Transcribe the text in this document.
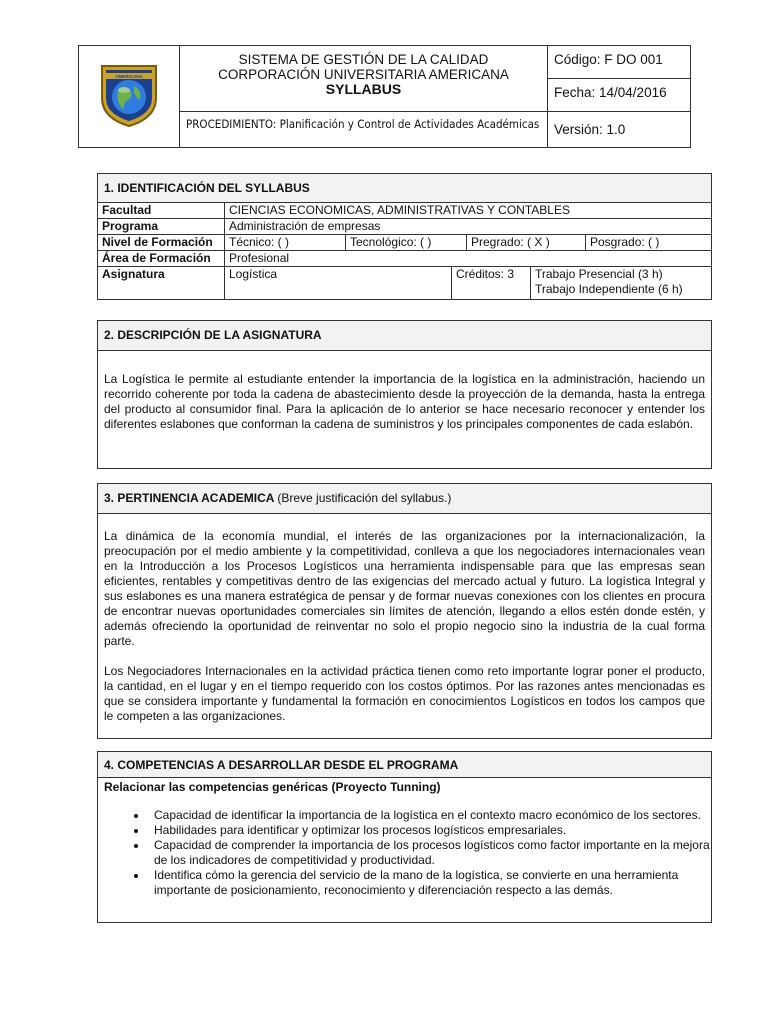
AMERICANA	SISTEMA DE GESTIÓN DE LA CALIDAD
CORPORACIÓN UNIVERSITARIA AMERICANA
SYLLABUS	Código: F DO 001
		Fecha: 14/04/2016
	PROCEDIMIENTO: Planificación y Control de Actividades Académicas	Versión: 1.0
1. IDENTIFICACIÓN DEL SYLLABUS
Facultad	CIENCIAS ECONOMICAS, ADMINISTRATIVAS Y CONTABLES
Programa	Administración de empresas
Nivel de Formación	Técnico: ( )	Tecnológico: ( )	Pregrado: ( X )	Posgrado: ( )
Área de Formación	Profesional
Asignatura		Logística	Créditos: 3	Trabajo Presencial (3 h)
Trabajo Independiente (6 h)
2. DESCRIPCIÓN DE LA ASIGNATURA

La Logística le permite al estudiante entender la importancia de la logística en la administración, haciendo un recorrido coherente por toda la cadena de abastecimiento desde la proyección de la demanda, hasta la entrega del producto al consumidor final. Para la aplicación de lo anterior se hace necesario reconocer y entender los diferentes eslabones que conforman la cadena de suministros y los principales componentes de cada eslabón.

3. PERTINENCIA ACADEMICA (Breve justificación del syllabus.)

La dinámica de la economía mundial, el interés de las organizaciones por la internacionalización, la preocupación por el medio ambiente y la competitividad, conlleva a que los negociadores internacionales vean en la Introducción a los Procesos Logísticos una herramienta indispensable para que las empresas sean eficientes, rentables y competitivas dentro de las exigencias del mercado actual y futuro. La logística Integral y sus eslabones es una manera estratégica de pensar y de formar nuevas conexiones con los clientes en procura de encontrar nuevas oportunidades comerciales sin límites de atención, llegando a ellos estén donde estén, y además ofreciendo la oportunidad de reinventar no solo el propio negocio sino la industria de la cual forma parte.

Los Negociadores Internacionales en la actividad práctica tienen como reto importante lograr poner el producto, la cantidad, en el lugar y en el tiempo requerido con los costos óptimos. Por las razones antes mencionadas es que se considera importante y fundamental la formación en conocimientos Logísticos en todos los campos que le competen a las organizaciones.

4. COMPETENCIAS A DESARROLLAR DESDE EL PROGRAMA
Relacionar las competencias genéricas (Proyecto Tunning)
• Capacidad de identificar la importancia de la logística en el contexto macro económico de los sectores.
• Habilidades para identificar y optimizar los procesos logísticos empresariales.
• Capacidad de comprender la importancia de los procesos logísticos como factor importante en la mejora de los indicadores de competitividad y productividad.
• Identifica cómo la gerencia del servicio de la mano de la logística, se convierte en una herramienta importante de posicionamiento, reconocimiento y diferenciación respecto a las demás.
